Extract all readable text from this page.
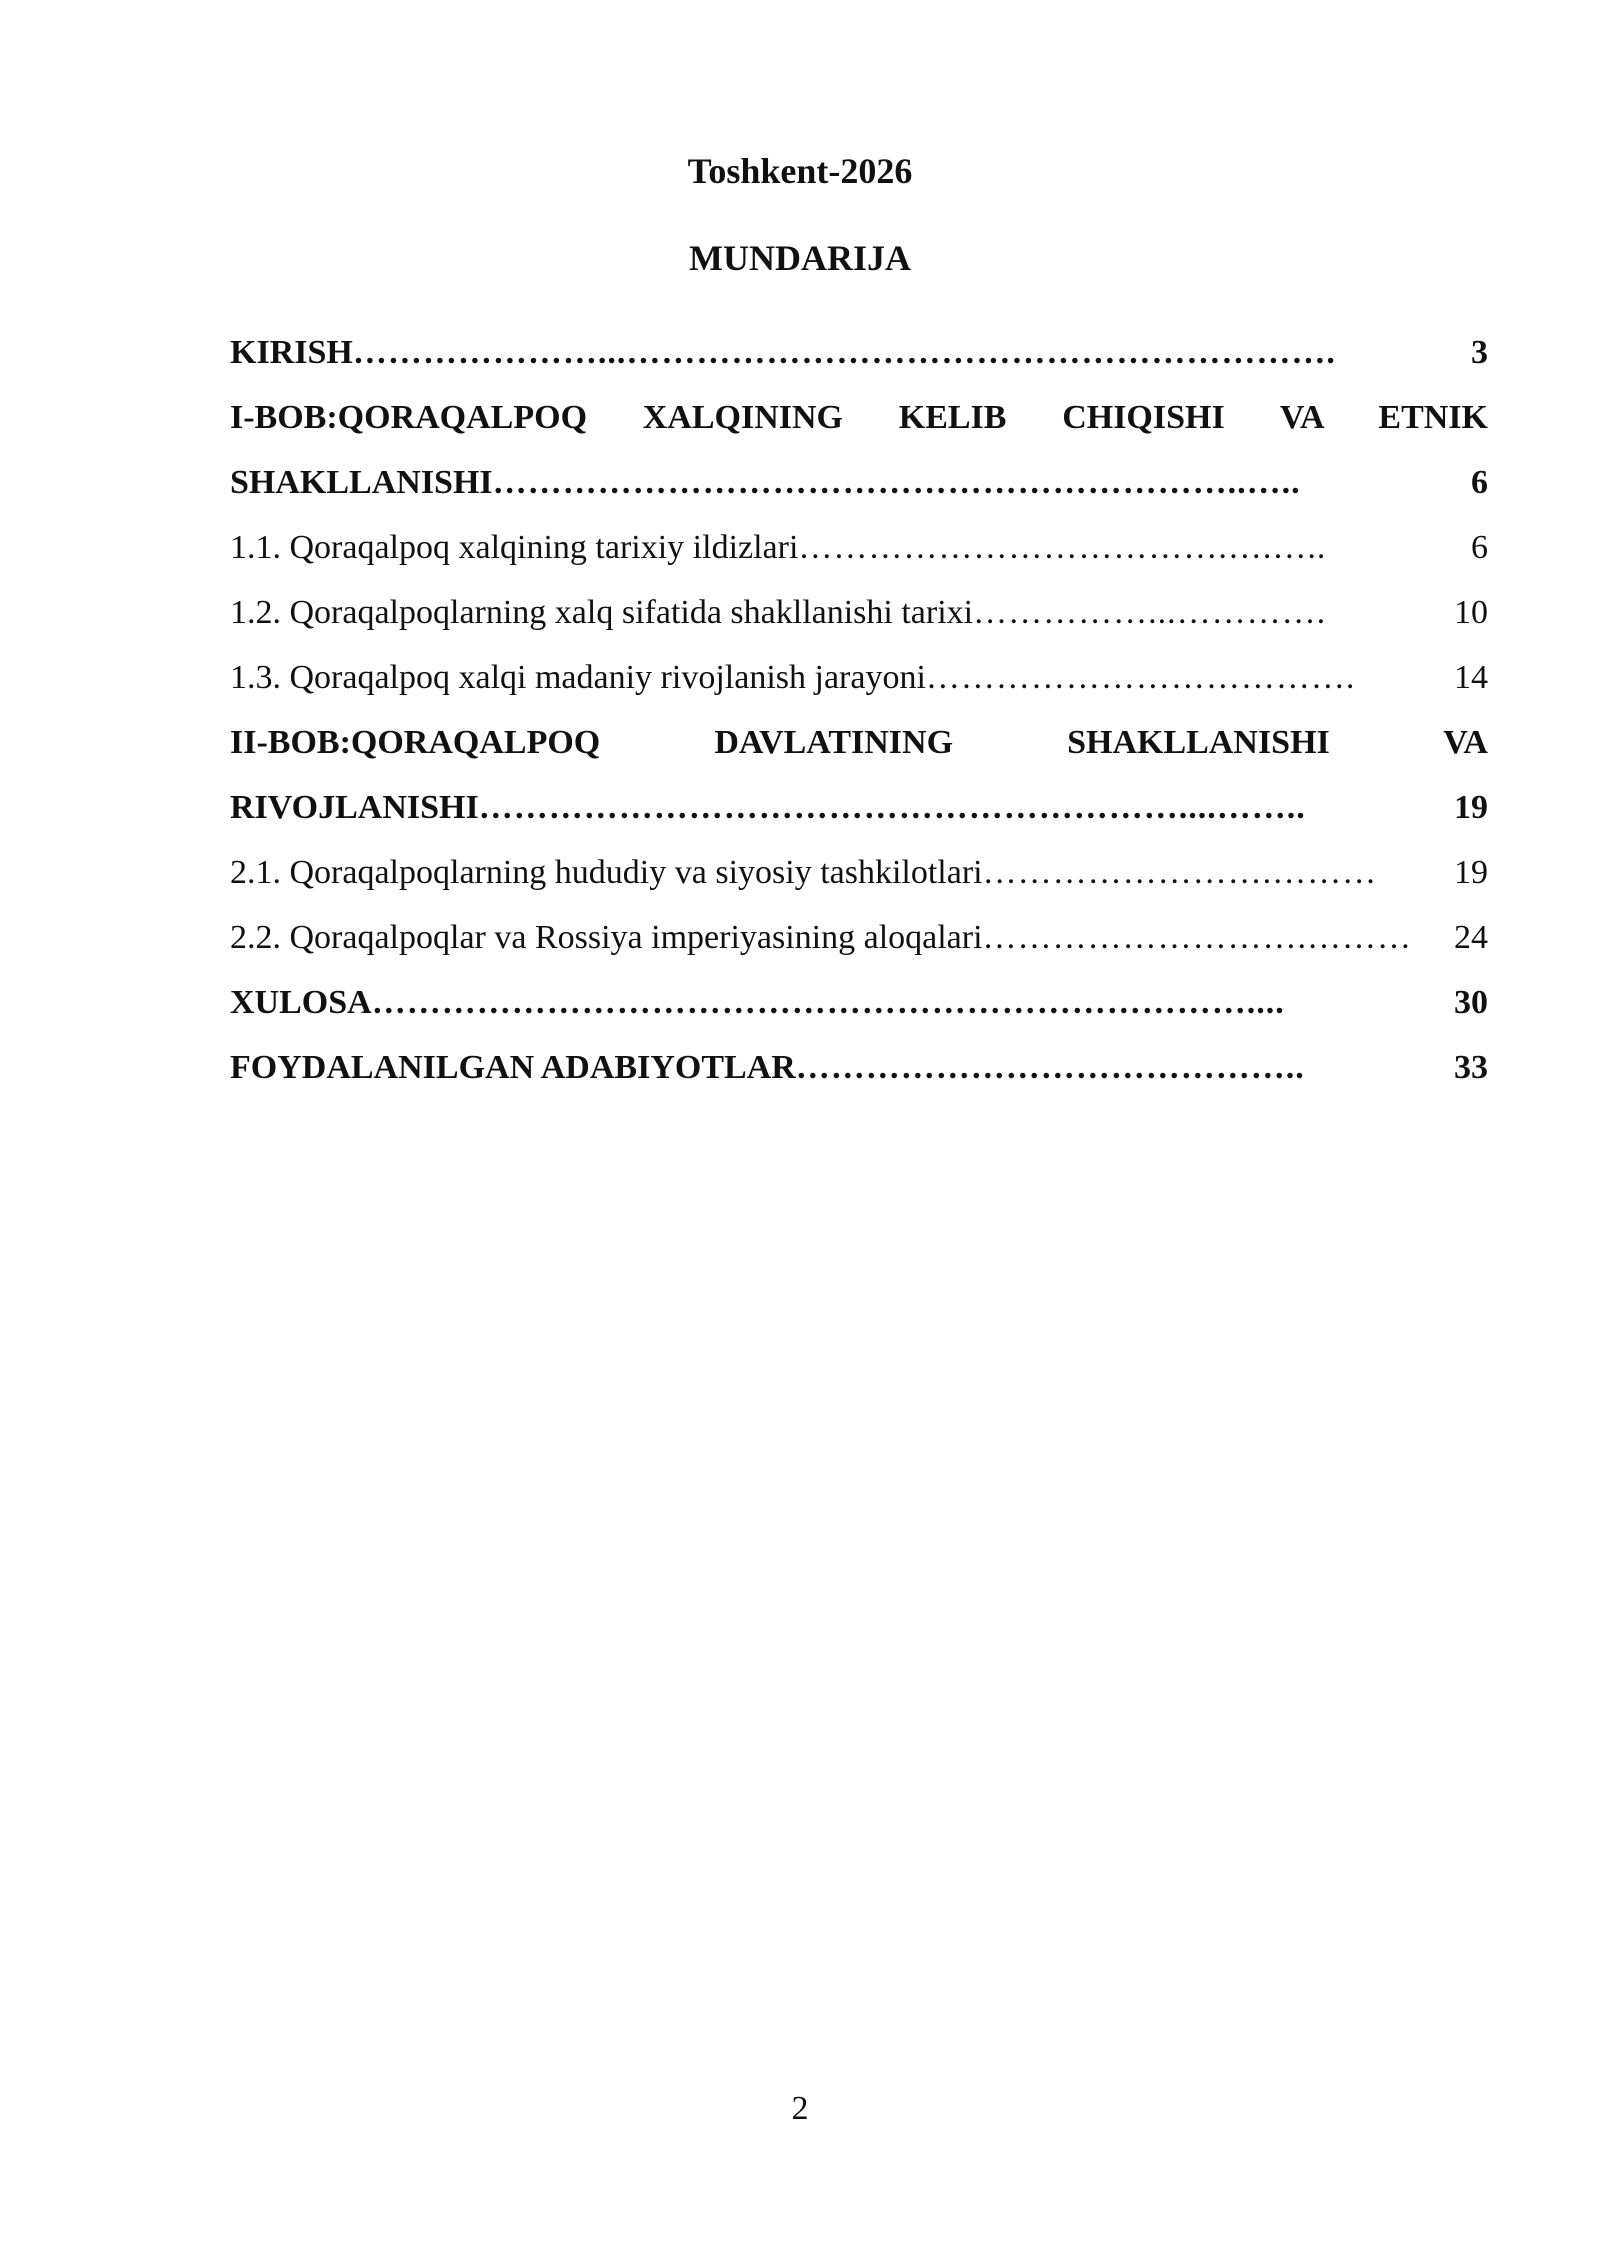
Toshkent-2026
MUNDARIJA
KIRISH …………………...…………………………………………………….	3
I-BOB:QORAQALPOQ XALQINING KELIB CHIQISHI VA ETNIK
SHAKLLANISHI ………………………………………………………..…..	6
1.1. Qoraqalpoq xalqining tarixiy ildizlari ……………………………….….…..	6
1.2. Qoraqalpoqlarning xalq sifatida shakllanishi tarixi ……………...………….	10
1.3. Qoraqalpoq xalqi madaniy rivojlanish jarayoni ……………………………….	14
II-BOB:QORAQALPOQ DAVLATINING SHAKLLANISHI VA
RIVOJLANISHI ……………………………………………………....……..	19
2.1. Qoraqalpoqlarning hududiy va siyosiy tashkilotlari …………………….………	19
2.2. Qoraqalpoqlar va Rossiya imperiyasining aloqalari ……………………….………	24
XULOSA …………………………………………………………………....	30
FOYDALANILGAN ADABIYOTLAR ……………………………………..	33
2
